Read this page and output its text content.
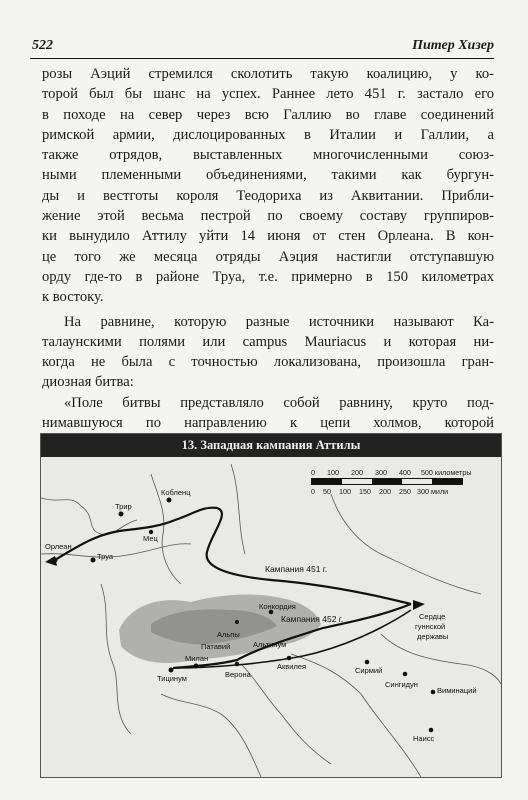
522	Питер Хизер

розы Аэций стремился сколотить такую коалицию, у ко-

торой был бы шанс на успех. Раннее лето 451 г. застало его

в походе на север через всю Галлию во главе соединений

римской армии, дислоцированных в Италии и Галлии, а

также отрядов, выставленных многочисленными союз-

ными племенными объединениями, такими как бургун-

ды и вестготы короля Теодориха из Аквитании. Прибли-

жение этой весьма пестрой по своему составу группиров-

ки вынудило Аттилу уйти 14 июня от стен Орлеана. В кон-

це того же месяца отряды Аэция настигли отступавшую

орду где-то в районе Труа, т.е. примерно в 150 километрах

к востоку.

На равнине, которую разные источники называют Ка-

талаунскими полями или campus Mauriacus и которая ни-

когда не была с точностью локализована, произошла гран-

диозная битва:

«Поле битвы представляло собой равнину, круто под-

нимавшуюся по направлению к цепи холмов, которой

13. Западная кампания Аттилы
0 100 200 300 400 500 километры
0 50 100 150 200 250 300 мили
Кобленц
Трир
Мец
Орлеан
Труа
Кампания 451 г.
Кампания 452 г.	Сердце
гуннской
державы
Тицинум
Милан
Верона
Аквилея	Сирмий
Сингидун
Виминаций
Наисс
Альпы
Конкордия
Патавий	Альтинум
